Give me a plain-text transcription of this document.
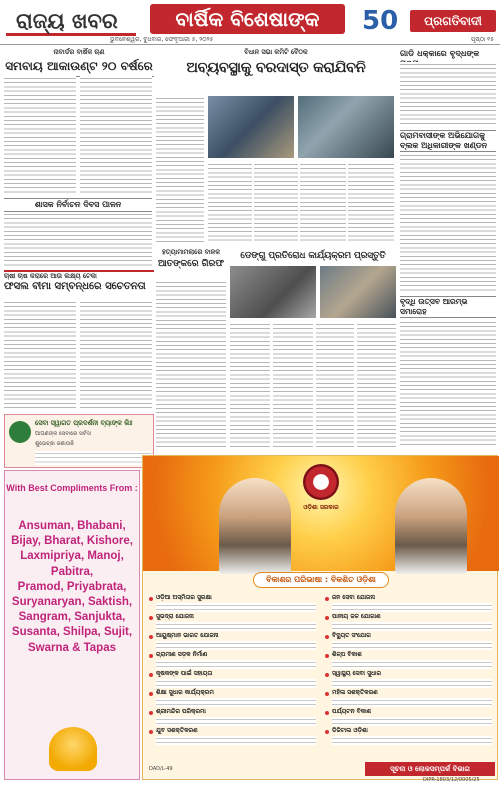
ରାଜ୍ୟ ଖବର	ବାର୍ଷିକ ବିଶେଷାଙ୍କ	50	ପ୍ରଗତିବାଦୀ
ଭୁବନେଶ୍ୱର, ବୁଧବାର, ଫେବୃଆରୀ ୫, ୨୦୨୫	ପୃଷ୍ଠା ୧୫
ନାବାର୍ଡର ବାର୍ଷିକ ଋଣ
ସମବାୟ ଆକାଉଣ୍ଟ ୨୦ ବର୍ଷରେ
ଶାସକ ନିର୍ବାଚନ ଦିବସ ପାଳନ
ବିଧାନ ସଭା କମିଟି ବୈଠକ
ଅବ୍ୟବସ୍ଥାକୁ ବରଦାସ୍ତ କରାଯିବନି
ଗାଡି ଧକ୍କାରେ ବୃଦ୍ଧଙ୍କ
ଗ୍ରାମବାସୀଙ୍କ ଅଭିଯୋଗକୁ ବ୍ଲକ ଅଧିକାରୀଙ୍କ ଖଣ୍ଡନ
ବୃଦ୍ଧି ଉତ୍ସବ ଆରମ୍ଭ ସମାରୋହ
ଚାଷୀ ଚାଷ କରାରେ ଆଉ ଲକ୍ଷ୍ୟ ଟେକା
ଫସଲ ବୀମା ସମ୍ବନ୍ଧରେ ସଚେତନତା
ହତ୍ୟାମାମଲାରେ ବାଳକ
ଆତଙ୍କରେ ଗିରଫ
ଡେଙ୍ଗୁ ପ୍ରତିରୋଧ କାର୍ଯ୍ୟକ୍ରମ ପ୍ରସ୍ତୁତି
ସେବା ସ୍ୱାଗତ ପ୍ରଦର୍ଶନୀ ବ୍ୟାଙ୍କ ଲିଃ
ଆପଣଙ୍କ ସେବାରେ ସର୍ବଦା
ଶୁଭେଚ୍ଛା ଜଣାଉଛି
With Best Compliments From :
Ansuman, Bhabani,
Bijay, Bharat, Kishore,
Laxmipriya, Manoj, Pabitra,
Pramod, Priyabrata,
Suryanaryan, Saktish,
Sangram, Sanjukta,
Susanta, Shilpa, Sujit,
Swarna & Tapas
ଓଡ଼ିଶା ସରକାର
ବିକାଶର ପରିଭାଷା : ବିକଶିତ ଓଡ଼ିଶା
ଓଡ଼ିଆ ଅସ୍ମିତାର ସୁରକ୍ଷା
ସୁଭଦ୍ରା ଯୋଜନା
ଆୟୁଷ୍ମାନ ଭାରତ ଯୋଜନା
ଗ୍ରାମୀଣ ସଡ଼କ ନିର୍ମାଣ
କୃଷକଙ୍କ ପାଇଁ ସହାୟତା
ଶିକ୍ଷା ସୁଧାର କାର୍ଯ୍ୟକ୍ରମ
ଶ୍ରୀମନ୍ଦିର ପରିକ୍ରମା
ଯୁବ ସଶକ୍ତିକରଣ
ଜନ ସେବା ଯୋଜନା
ପାନୀୟ ଜଳ ଯୋଗାଣ
ବିଦ୍ୟୁତ ସଂଯୋଗ
ଶିଳ୍ପ ବିକାଶ
ସ୍ୱାସ୍ଥ୍ୟ ସେବା ସୁଧାର
ମହିଳା ସଶକ୍ତିକରଣ
ପର୍ଯ୍ୟଟନ ବିକାଶ
ଡିଜିଟାଲ ଓଡ଼ିଶା
DAD/L-49	ସୂଚନା ଓ ଲୋକସମ୍ପର୍କ ବିଭାଗ
DIPR-1803/12/0005/25
